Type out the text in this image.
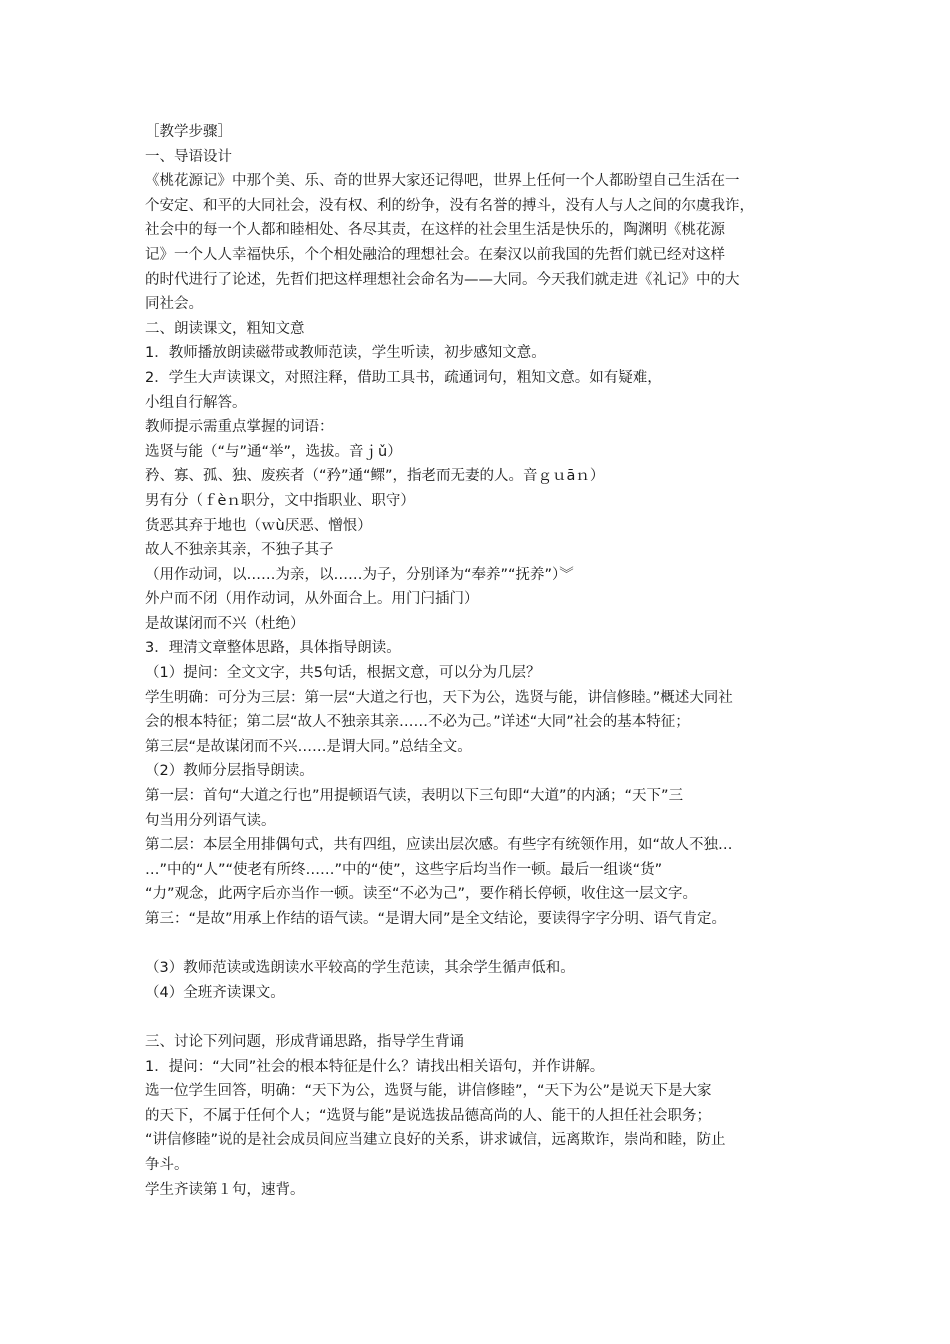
［教学步骤］
一、导语设计
《桃花源记》中那个美、乐、奇的世界大家还记得吧，世界上任何一个人都盼望自己生活在一
个安定、和平的大同社会，没有权、利的纷争，没有名誉的搏斗，没有人与人之间的尔虞我诈，
社会中的每一个人都和睦相处、各尽其责，在这样的社会里生活是快乐的，陶渊明《桃花源
记》一个人人幸福快乐，个个相处融洽的理想社会。在秦汉以前我国的先哲们就已经对这样
的时代进行了论述，先哲们把这样理想社会命名为——大同。今天我们就走进《礼记》中的大
同社会。
二、朗读课文，粗知文意
1．教师播放朗读磁带或教师范读，学生听读，初步感知文意。
2．学生大声读课文，对照注释，借助工具书，疏通词句，粗知文意。如有疑难，
小组自行解答。
教师提示需重点掌握的词语：
选贤与能（“与”通“举”，选拔。音ｊǔ）
矜、寡、孤、独、废疾者（“矜”通“鳏”，指老而无妻的人。音ｇｕāｎ）
男有分（ｆèｎ职分，文中指职业、职守）
货恶其弃于地也（ｗù厌恶、憎恨）
故人不独亲其亲，不独子其子
（用作动词，以……为亲，以……为子，分别译为“奉养”“抚养”）︾
外户而不闭（用作动词，从外面合上。用门闩插门）
是故谋闭而不兴（杜绝）
3．理清文章整体思路，具体指导朗读。
（1）提问：全文文字，共5句话，根据文意，可以分为几层？
学生明确：可分为三层：第一层“大道之行也，天下为公，选贤与能，讲信修睦。”概述大同社
会的根本特征；第二层“故人不独亲其亲……不必为己。”详述“大同”社会的基本特征；
第三层“是故谋闭而不兴……是谓大同。”总结全文。
（2）教师分层指导朗读。
第一层：首句“大道之行也”用提顿语气读，表明以下三句即“大道”的内涵；“天下”三
句当用分列语气读。
第二层：本层全用排偶句式，共有四组，应读出层次感。有些字有统领作用，如“故人不独…
…”中的“人”“使老有所终……”中的“使”，这些字后均当作一顿。最后一组谈“货”
“力”观念，此两字后亦当作一顿。读至“不必为己”，要作稍长停顿，收住这一层文字。
第三：“是故”用承上作结的语气读。“是谓大同”是全文结论，要读得字字分明、语气肯定。
（3）教师范读或选朗读水平较高的学生范读，其余学生循声低和。
（4）全班齐读课文。
三、讨论下列问题，形成背诵思路，指导学生背诵
1．提问：“大同”社会的根本特征是什么？请找出相关语句，并作讲解。
选一位学生回答，明确：“天下为公，选贤与能，讲信修睦”，“天下为公”是说天下是大家
的天下，不属于任何个人；“选贤与能”是说选拔品德高尚的人、能干的人担任社会职务；
“讲信修睦”说的是社会成员间应当建立良好的关系，讲求诚信，远离欺诈，崇尚和睦，防止
争斗。
学生齐读第１句，速背。
